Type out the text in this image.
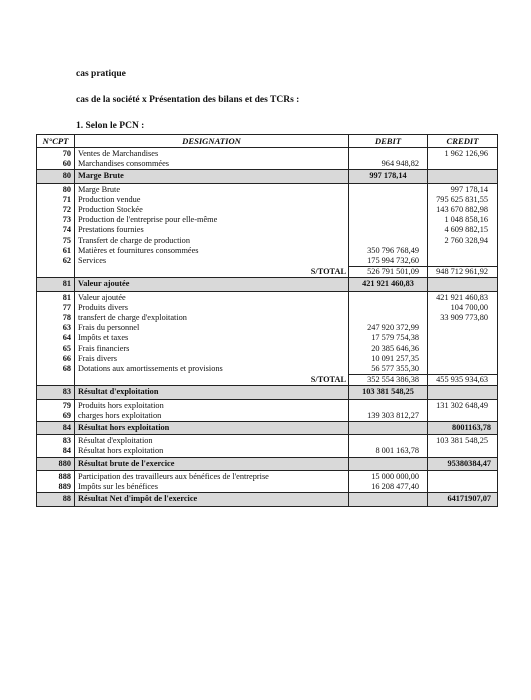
cas pratique
cas de la société x Présentation des bilans et des TCRs :
1. Selon le PCN :
N°CPT	DESIGNATION	DEBIT	CREDIT
70	Ventes de Marchandises		1 962 126,96
60	Marchandises consommées	964 948,82	
80	Marge Brute	997 178,14	
80	Marge Brute		997 178,14
71	Production vendue		795 625 831,55
72	Production Stockée		143 670 882,98
73	Production de l'entreprise pour elle-même		1 048 858,16
74	Prestations fournies		4 609 882,15
75	Transfert de charge de production		2 760 328,94
61	Matières et fournitures consommées	350 796 768,49	
62	Services	175 994 732,60	
	S/TOTAL	526 791 501,09	948 712 961,92
81	Valeur ajoutée	421 921 460,83	
81	Valeur ajoutée		421 921 460,83
77	Produits divers		104 700,00
78	transfert de charge d'exploitation		33 909 773,80
63	Frais du personnel	247 920 372,99	
64	Impôts et taxes	17 579 754,38	
65	Frais financiers	20 385 646,36	
66	Frais divers	10 091 257,35	
68	Dotations aux amortissements et provisions	56 577 355,30	
	S/TOTAL	352 554 386,38	455 935 934,63
83	Résultat d'exploitation	103 381 548,25	
79	Produits hors exploitation		131 302 648,49
69	charges hors exploitation	139 303 812,27	
84	Résultat hors exploitation		8001163,78
83	Résultat d'exploitation		103 381 548,25
84	Résultat hors exploitation	8 001 163,78	
880	Résultat brute de l'exercice		95380384,47
888	Participation des travailleurs aux bénéfices de l'entreprise	15 000 000,00	
889	Impôts sur les bénéfices	16 208 477,40	
88	Résultat Net d'impôt de l'exercice		64171907,07
